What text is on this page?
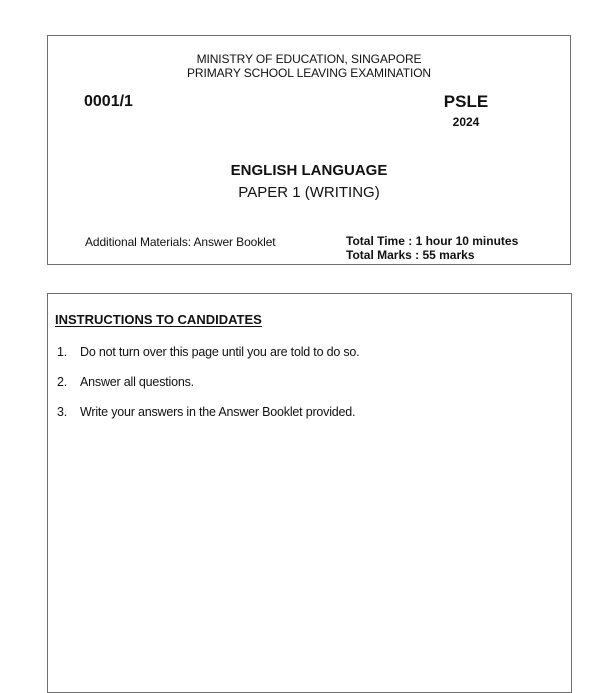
MINISTRY OF EDUCATION, SINGAPORE
PRIMARY SCHOOL LEAVING EXAMINATION
0001/1	PSLE
2024
ENGLISH LANGUAGE
PAPER 1 (WRITING)
Additional Materials: Answer Booklet	Total Time : 1 hour 10 minutes
Total Marks : 55 marks
INSTRUCTIONS TO CANDIDATES
1. Do not turn over this page until you are told to do so.
2. Answer all questions.
3. Write your answers in the Answer Booklet provided.
